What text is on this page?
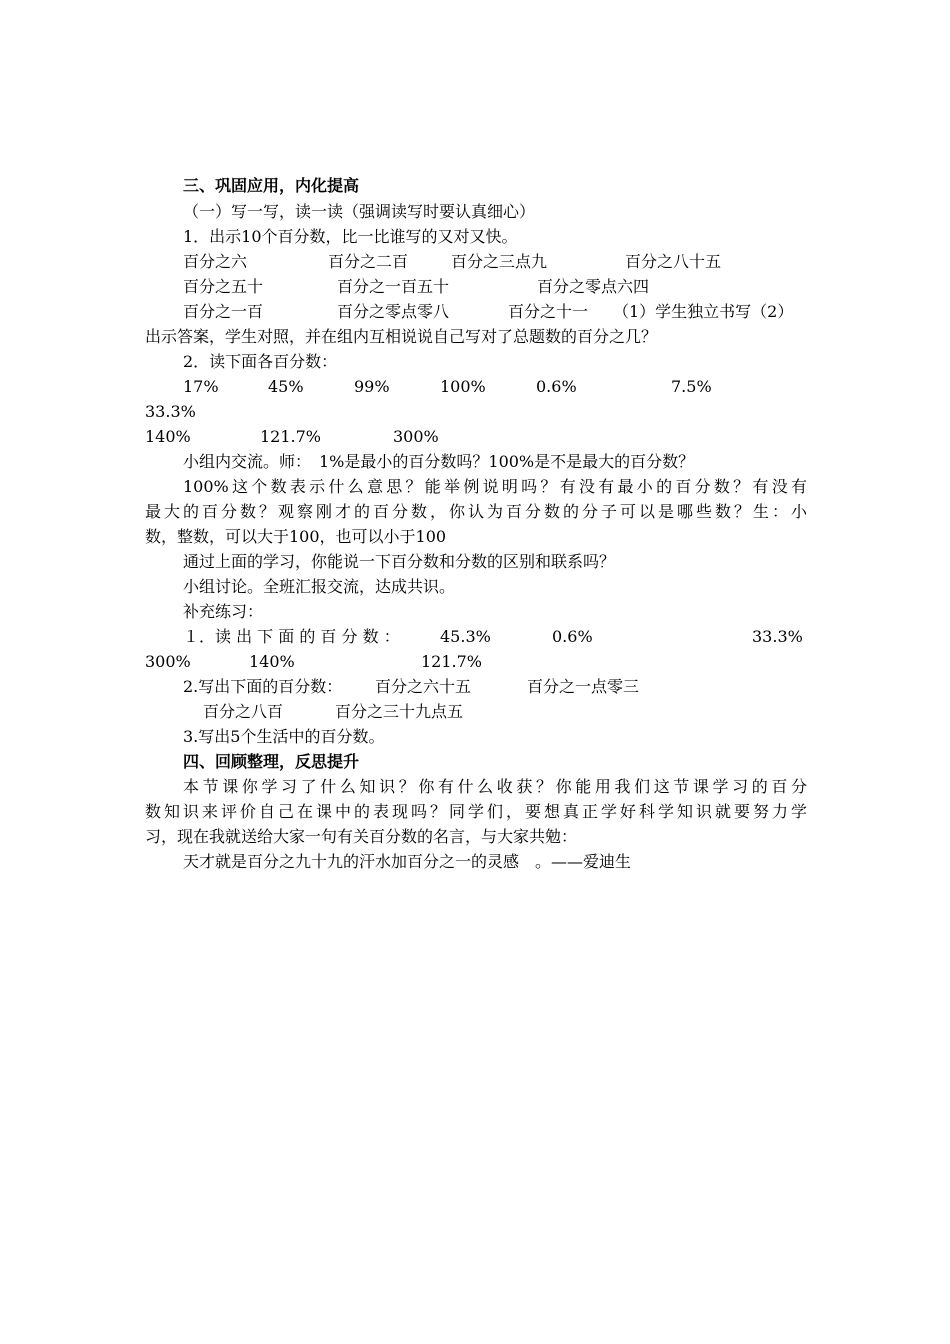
三、巩固应用，内化提高
（一）写一写，读一读（强调读写时要认真细心）
1．出示10个百分数，比一比谁写的又对又快。
百分之六	百分之二百	百分之三点九	百分之八十五
百分之五十	百分之一百五十	百分之零点六四
百分之一百	百分之零点零八	百分之十一 （1）学生独立书写（2）
出示答案，学生对照，并在组内互相说说自己写对了总题数的百分之几？
2．读下面各百分数：
17%	45%	99%	100%	0.6%	7.5%
33.3%
140%	121.7%	300%
小组内交流。师：　1%是最小的百分数吗？100%是不是最大的百分数？
100%这个数表示什么意思？能举例说明吗？有没有最小的百分数？有没有
最大的百分数？观察刚才的百分数，你认为百分数的分子可以是哪些数？生：小
数，整数，可以大于100，也可以小于100
通过上面的学习，你能说一下百分数和分数的区别和联系吗？
小组讨论。全班汇报交流，达成共识。
补充练习：
１．读 出 下 面 的 百 分 数 ：	45.3%	0.6%	33.3%
300%	140%	121.7%
2.写出下面的百分数： 百分之六十五	百分之一点零三
百分之八百	百分之三十九点五
3.写出5个生活中的百分数。
四、回顾整理，反思提升
本节课你学习了什么知识？你有什么收获？你能用我们这节课学习的百分
数知识来评价自己在课中的表现吗？同学们，要想真正学好科学知识就要努力学
习，现在我就送给大家一句有关百分数的名言，与大家共勉：
天才就是百分之九十九的汗水加百分之一的灵感　。——爱迪生
